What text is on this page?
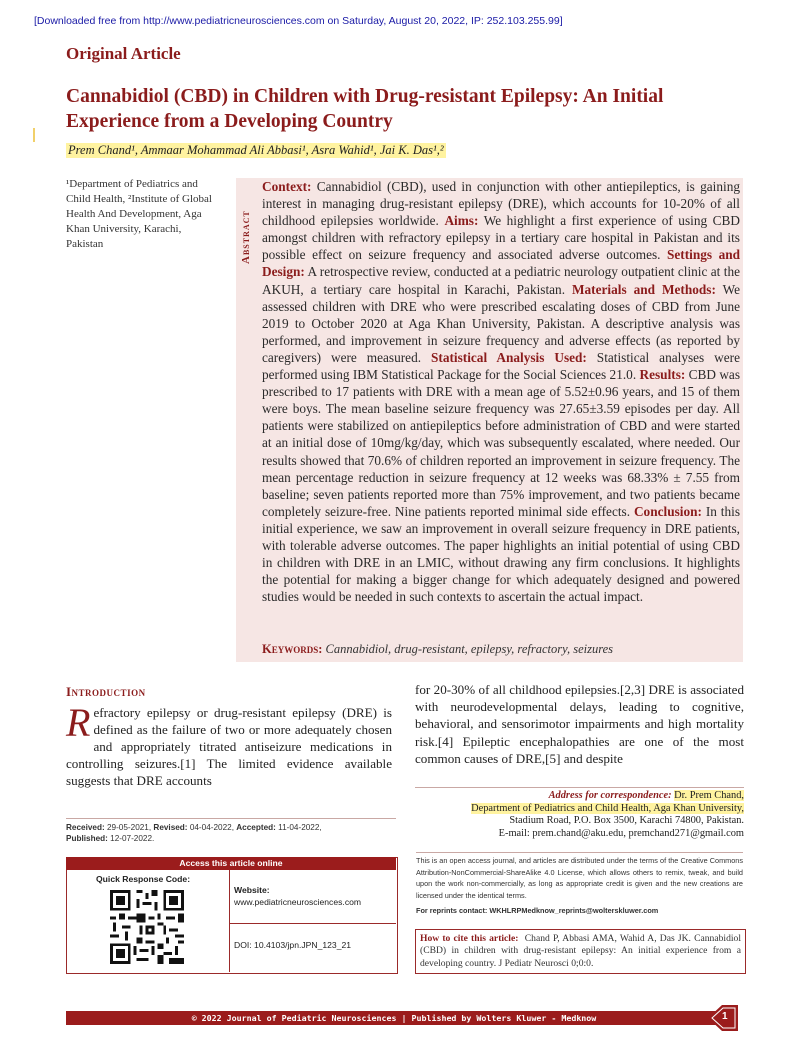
[Downloaded free from http://www.pediatricneurosciences.com on Saturday, August 20, 2022, IP: 252.103.255.99]
Original Article
Cannabidiol (CBD) in Children with Drug-resistant Epilepsy: An Initial Experience from a Developing Country
Prem Chand¹, Ammaar Mohammad Ali Abbasi¹, Asra Wahid¹, Jai K. Das¹,²
¹Department of Pediatrics and Child Health, ²Institute of Global Health And Development, Aga Khan University, Karachi, Pakistan	Abstract
Context: Cannabidiol (CBD), used in conjunction with other antiepileptics, is gaining interest in managing drug-resistant epilepsy (DRE), which accounts for 10-20% of all childhood epilepsies worldwide. Aims: We highlight a first experience of using CBD amongst children with refractory epilepsy in a tertiary care hospital in Pakistan and its possible effect on seizure frequency and associated adverse outcomes. Settings and Design: A retrospective review, conducted at a pediatric neurology outpatient clinic at the AKUH, a tertiary care hospital in Karachi, Pakistan. Materials and Methods: We assessed children with DRE who were prescribed escalating doses of CBD from June 2019 to October 2020 at Aga Khan University, Pakistan. A descriptive analysis was performed, and improvement in seizure frequency and adverse effects (as reported by caregivers) were measured. Statistical Analysis Used: Statistical analyses were performed using IBM Statistical Package for the Social Sciences 21.0. Results: CBD was prescribed to 17 patients with DRE with a mean age of 5.52±0.96 years, and 15 of them were boys. The mean baseline seizure frequency was 27.65±3.59 episodes per day. All patients were stabilized on antiepileptics before administration of CBD and were started at an initial dose of 10mg/kg/day, which was subsequently escalated, where needed. Our results showed that 70.6% of children reported an improvement in seizure frequency. The mean percentage reduction in seizure frequency at 12 weeks was 68.33% ± 7.55 from baseline; seven patients reported more than 75% improvement, and two patients became completely seizure-free. Nine patients reported minimal side effects. Conclusion: In this initial experience, we saw an improvement in overall seizure frequency in DRE patients, with tolerable adverse outcomes. The paper highlights an initial potential of using CBD in children with DRE in an LMIC, without drawing any firm conclusions. It highlights the potential for making a bigger change for which adequately designed and powered studies would be needed in such contexts to ascertain the actual impact.
Keywords: Cannabidiol, drug-resistant, epilepsy, refractory, seizures
Introduction
Refractory epilepsy or drug-resistant epilepsy (DRE) is defined as the failure of two or more adequately chosen and appropriately titrated antiseizure medications in controlling seizures.[1] The limited evidence available suggests that DRE accounts
for 20-30% of all childhood epilepsies.[2,3] DRE is associated with neurodevelopmental delays, leading to cognitive, behavioral, and sensorimotor impairments and high mortality risk.[4] Epileptic encephalopathies are one of the most common causes of DRE,[5] and despite
Address for correspondence: Dr. Prem Chand,
Department of Pediatrics and Child Health, Aga Khan University,
Stadium Road, P.O. Box 3500, Karachi 74800, Pakistan.
E-mail: prem.chand@aku.edu, premchand271@gmail.com
Received: 29-05-2021, Revised: 04-04-2022, Accepted: 11-04-2022,
Published: 12-07-2022.
Access this article online
Quick Response Code:
Website:
www.pediatricneurosciences.com
DOI: 10.4103/jpn.JPN_123_21
This is an open access journal, and articles are distributed under the terms of the Creative Commons Attribution-NonCommercial-ShareAlike 4.0 License, which allows others to remix, tweak, and build upon the work non-commercially, as long as appropriate credit is given and the new creations are licensed under the identical terms.
For reprints contact: WKHLRPMedknow_reprints@wolterskluwer.com
How to cite this article: Chand P, Abbasi AMA, Wahid A, Das JK. Cannabidiol (CBD) in children with drug-resistant epilepsy: An initial experience from a developing country. J Pediatr Neurosci 0;0:0.
© 2022 Journal of Pediatric Neurosciences | Published by Wolters Kluwer - Medknow	1
